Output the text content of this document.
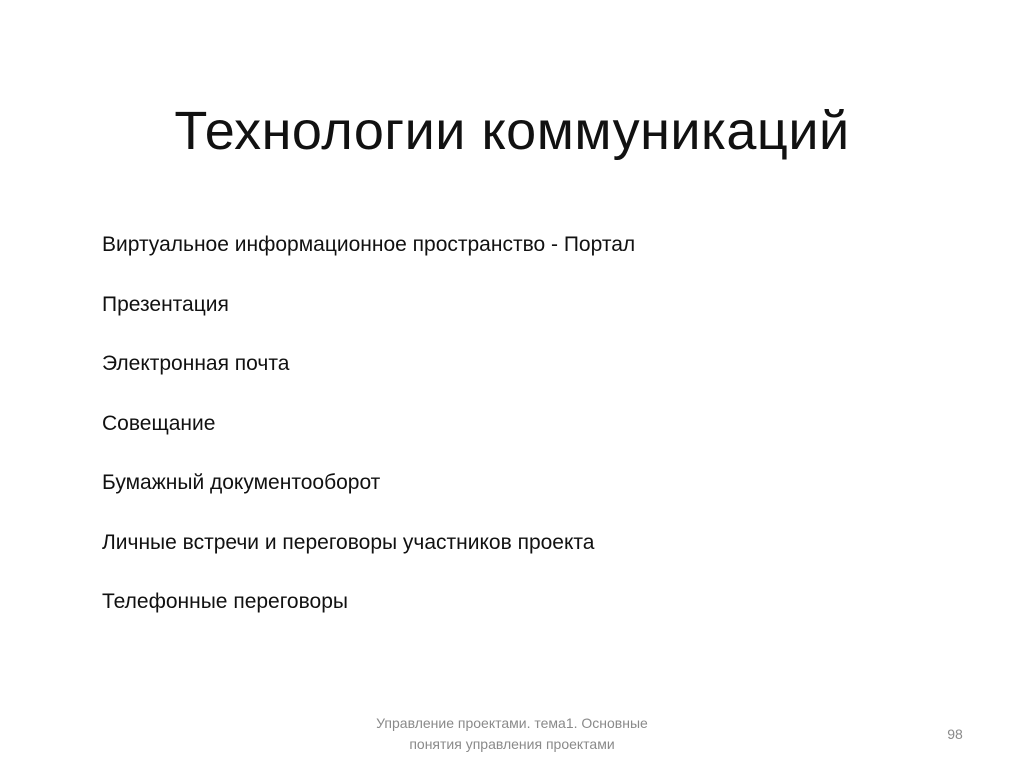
Технологии коммуникаций
Виртуальное информационное пространство - Портал
Презентация
Электронная почта
Совещание
Бумажный документооборот
Личные встречи и переговоры участников проекта
Телефонные переговоры
Управление проектами. тема1. Основные
понятия управления проектами
98
